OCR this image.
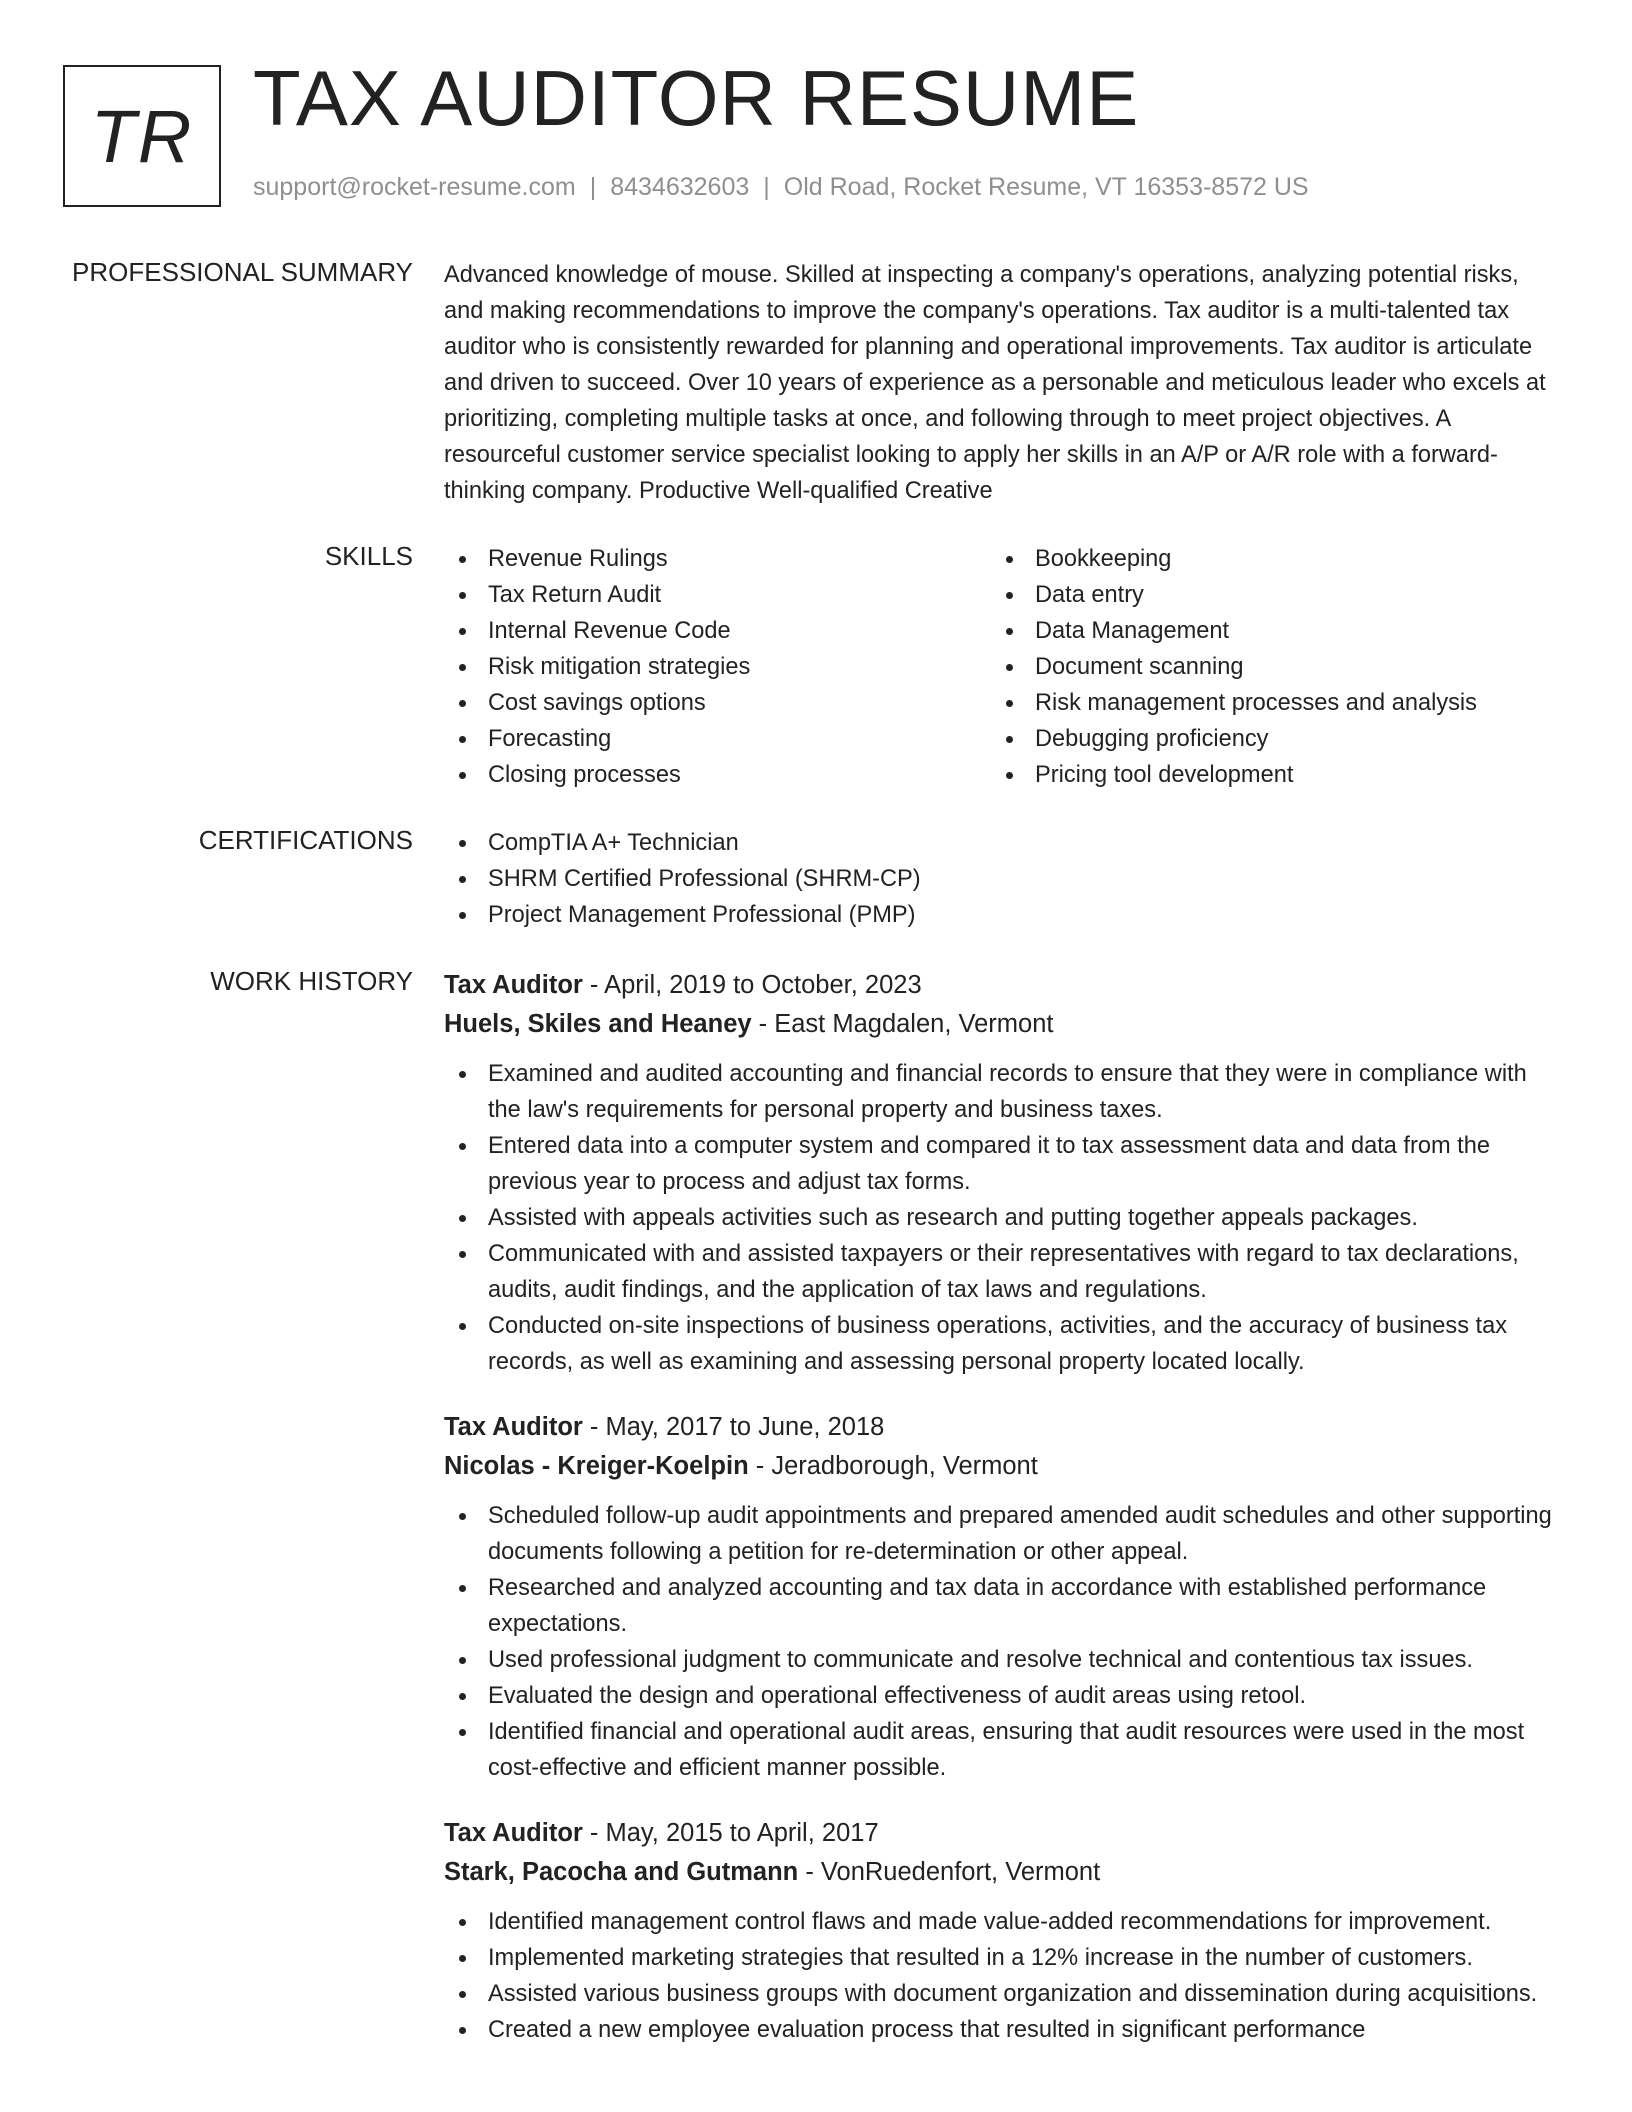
TR TAX AUDITOR RESUME
support@rocket-resume.com | 8434632603 | Old Road, Rocket Resume, VT 16353-8572 US
PROFESSIONAL SUMMARY Advanced knowledge of mouse. Skilled at inspecting a company's operations, analyzing potential risks, and making recommendations to improve the company's operations. Tax auditor is a multi-talented tax auditor who is consistently rewarded for planning and operational improvements. Tax auditor is articulate and driven to succeed. Over 10 years of experience as a personable and meticulous leader who excels at prioritizing, completing multiple tasks at once, and following through to meet project objectives. A resourceful customer service specialist looking to apply her skills in an A/P or A/R role with a forward-thinking company. Productive Well-qualified Creative

SKILLS	Revenue Rulings
Tax Return Audit
Internal Revenue Code
Risk mitigation strategies
Cost savings options
Forecasting
Closing processes
Bookkeeping
Data entry
Data Management
Document scanning
Risk management processes and analysis
Debugging proficiency
Pricing tool development
CERTIFICATIONS	CompTIA A+ Technician
SHRM Certified Professional (SHRM-CP)
Project Management Professional (PMP)
WORK HISTORY Tax Auditor - April, 2019 to October, 2023
Huels, Skiles and Heaney - East Magdalen, Vermont
Examined and audited accounting and financial records to ensure that they were in compliance with the law's requirements for personal property and business taxes.
Entered data into a computer system and compared it to tax assessment data and data from the previous year to process and adjust tax forms.
Assisted with appeals activities such as research and putting together appeals packages.
Communicated with and assisted taxpayers or their representatives with regard to tax declarations, audits, audit findings, and the application of tax laws and regulations.
Conducted on-site inspections of business operations, activities, and the accuracy of business tax records, as well as examining and assessing personal property located locally.
Tax Auditor - May, 2017 to June, 2018
Nicolas - Kreiger-Koelpin - Jeradborough, Vermont
Scheduled follow-up audit appointments and prepared amended audit schedules and other supporting documents following a petition for re-determination or other appeal.
Researched and analyzed accounting and tax data in accordance with established performance expectations.
Used professional judgment to communicate and resolve technical and contentious tax issues.
Evaluated the design and operational effectiveness of audit areas using retool.
Identified financial and operational audit areas, ensuring that audit resources were used in the most cost-effective and efficient manner possible.
Tax Auditor - May, 2015 to April, 2017
Stark, Pacocha and Gutmann - VonRuedenfort, Vermont
Identified management control flaws and made value-added recommendations for improvement.
Implemented marketing strategies that resulted in a 12% increase in the number of customers.
Assisted various business groups with document organization and dissemination during acquisitions.
Created a new employee evaluation process that resulted in significant performance
